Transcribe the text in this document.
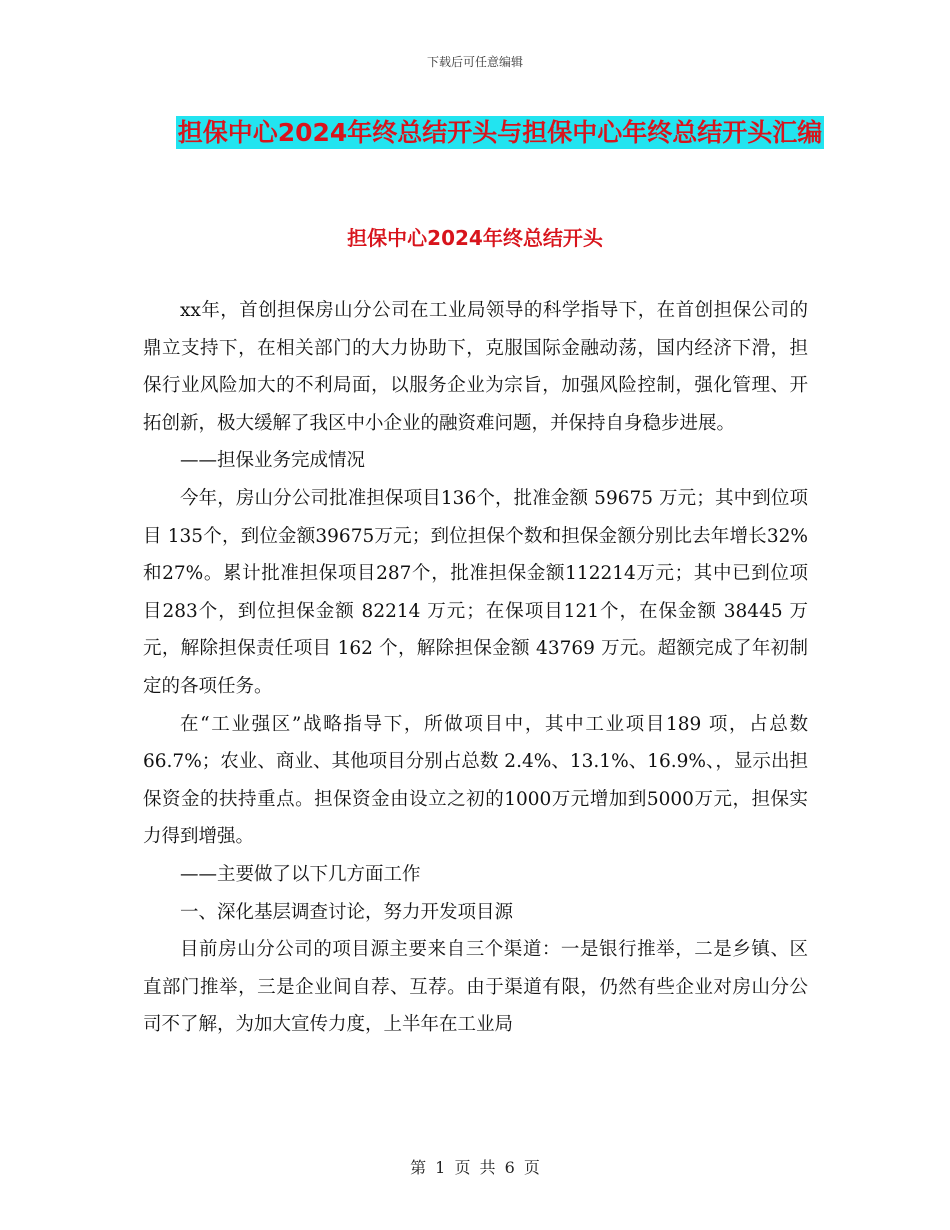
下载后可任意编辑
担保中心2024年终总结开头与担保中心年终总结开头汇编
担保中心2024年终总结开头

xx年，首创担保房山分公司在工业局领导的科学指导下，在首创担保公司的鼎立支持下，在相关部门的大力协助下，克服国际金融动荡，国内经济下滑，担保行业风险加大的不利局面，以服务企业为宗旨，加强风险控制，强化管理、开拓创新，极大缓解了我区中小企业的融资难问题，并保持自身稳步进展。

——担保业务完成情况

今年，房山分公司批准担保项目136个，批准金额 59675 万元；其中到位项目 135个，到位金额39675万元；到位担保个数和担保金额分别比去年增长32%和27%。累计批准担保项目287个，批准担保金额112214万元；其中已到位项目283个，到位担保金额 82214 万元；在保项目121个，在保金额 38445 万元，解除担保责任项目 162 个，解除担保金额 43769 万元。超额完成了年初制定的各项任务。

在“工业强区”战略指导下，所做项目中，其中工业项目189 项，占总数66.7%；农业、商业、其他项目分别占总数 2.4%、13.1%、16.9%、，显示出担保资金的扶持重点。担保资金由设立之初的1000万元增加到5000万元，担保实力得到增强。

——主要做了以下几方面工作

一、深化基层调查讨论，努力开发项目源

目前房山分公司的项目源主要来自三个渠道：一是银行推举，二是乡镇、区直部门推举，三是企业间自荐、互荐。由于渠道有限，仍然有些企业对房山分公司不了解，为加大宣传力度，上半年在工业局

第 1 页 共 6 页
